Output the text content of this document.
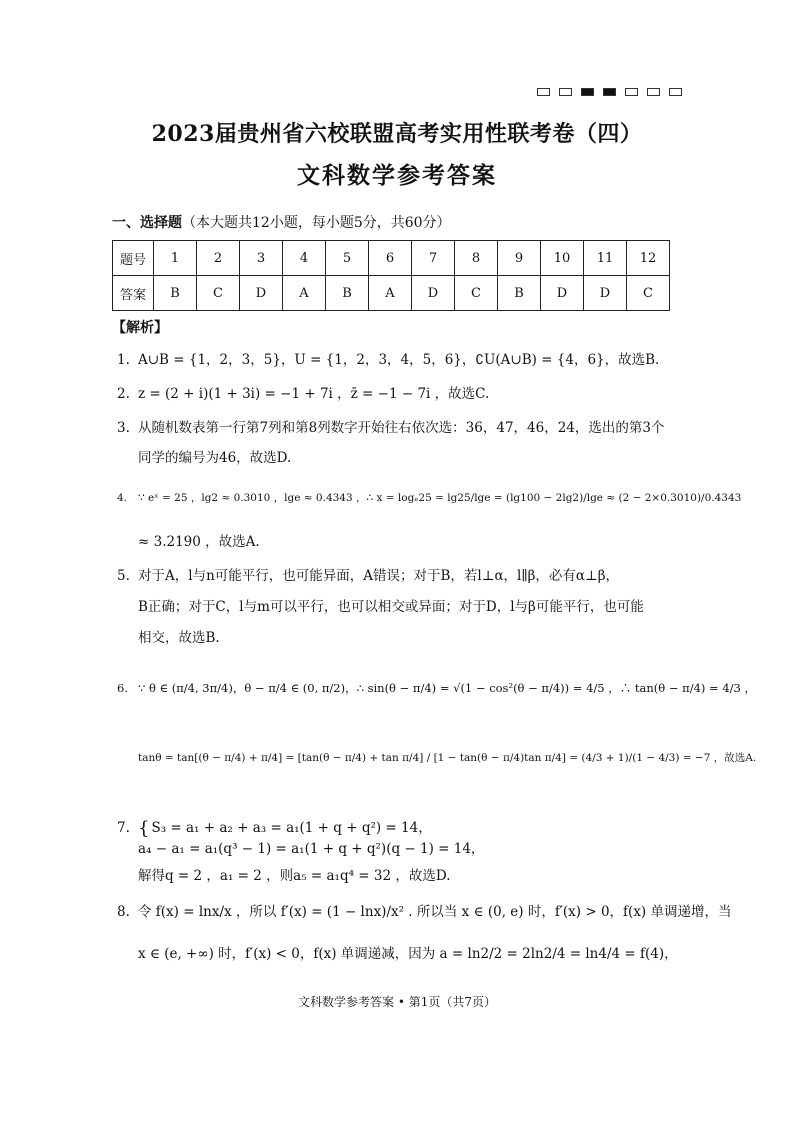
2023届贵州省六校联盟高考实用性联考卷（四）
文科数学参考答案
一、选择题（本大题共12小题，每小题5分，共60分）
题号	1	2	3	4	5	6	7	8	9	10	11	12
答案	B	C	D	A	B	A	D	C	B	D	D	C
【解析】
1. A∪B = {1，2，3，5}，U = {1，2，3，4，5，6}，∁U(A∪B) = {4，6}，故选B.
2. z = (2 + i)(1 + 3i) = −1 + 7i ，z̄ = −1 − 7i ，故选C.
3. 从随机数表第一行第7列和第8列数字开始往右依次选：36，47，46，24，选出的第3个
同学的编号为46，故选D.
4. ∵ eˣ = 25 ，lg2 ≈ 0.3010 ，lge ≈ 0.4343 ，∴ x = logₑ25 = lg25/lge = (lg100 − 2lg2)/lge ≈ (2 − 2×0.3010)/0.4343
≈ 3.2190 ，故选A.
5. 对于A，l与n可能平行，也可能异面，A错误；对于B，若l⊥α，l∥β，必有α⊥β，
B正确；对于C，l与m可以平行，也可以相交或异面；对于D，l与β可能平行，也可能
相交，故选B.
6. ∵ θ ∈ (π/4, 3π/4)，θ − π/4 ∈ (0, π/2)，∴ sin(θ − π/4) = √(1 − cos²(θ − π/4)) = 4/5 ，∴ tan(θ − π/4) = 4/3 ，
tanθ = tan[(θ − π/4) + π/4] = [tan(θ − π/4) + tan π/4] / [1 − tan(θ − π/4)tan π/4] = (4/3 + 1)/(1 − 4/3) = −7 ，故选A.
7. { S₃ = a₁ + a₂ + a₃ = a₁(1 + q + q²) = 14，
a₄ − a₁ = a₁(q³ − 1) = a₁(1 + q + q²)(q − 1) = 14，
解得q = 2 ，a₁ = 2 ，则a₅ = a₁q⁴ = 32 ，故选D.
8. 令 f(x) = lnx/x ，所以 f′(x) = (1 − lnx)/x² . 所以当 x ∈ (0, e) 时，f′(x) > 0，f(x) 单调递增，当
x ∈ (e, +∞) 时，f′(x) < 0，f(x) 单调递减，因为 a = ln2/2 = 2ln2/4 = ln4/4 = f(4)，
文科数学参考答案 • 第1页（共7页）
